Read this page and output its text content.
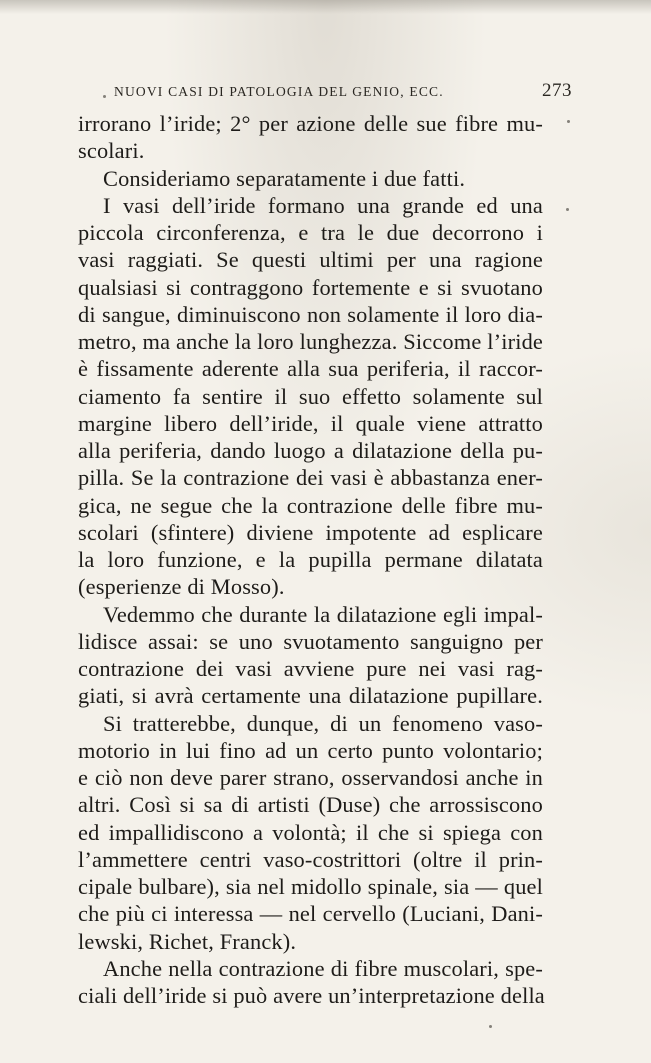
NUOVI CASI DI PATOLOGIA DEL GENIO, ECC.	273
irrorano l’iride; 2° per azione delle sue fibre mu-
scolari.
Consideriamo separatamente i due fatti.
I vasi dell’iride formano una grande ed una
piccola circonferenza, e tra le due decorrono i
vasi raggiati. Se questi ultimi per una ragione
qualsiasi si contraggono fortemente e si svuotano
di sangue, diminuiscono non solamente il loro dia-
metro, ma anche la loro lunghezza. Siccome l’iride
è fissamente aderente alla sua periferia, il raccor-
ciamento fa sentire il suo effetto solamente sul
margine libero dell’iride, il quale viene attratto
alla periferia, dando luogo a dilatazione della pu-
pilla. Se la contrazione dei vasi è abbastanza ener-
gica, ne segue che la contrazione delle fibre mu-
scolari (sfintere) diviene impotente ad esplicare
la loro funzione, e la pupilla permane dilatata
(esperienze di Mosso).
Vedemmo che durante la dilatazione egli impal-
lidisce assai: se uno svuotamento sanguigno per
contrazione dei vasi avviene pure nei vasi rag-
giati, si avrà certamente una dilatazione pupillare.
Si tratterebbe, dunque, di un fenomeno vaso-
motorio in lui fino ad un certo punto volontario;
e ciò non deve parer strano, osservandosi anche in
altri. Così si sa di artisti (Duse) che arrossiscono
ed impallidiscono a volontà; il che si spiega con
l’ammettere centri vaso-costrittori (oltre il prin-
cipale bulbare), sia nel midollo spinale, sia — quel
che più ci interessa — nel cervello (Luciani, Dani-
lewski, Richet, Franck).
Anche nella contrazione di fibre muscolari, spe-
ciali dell’iride si può avere un’interpretazione della
